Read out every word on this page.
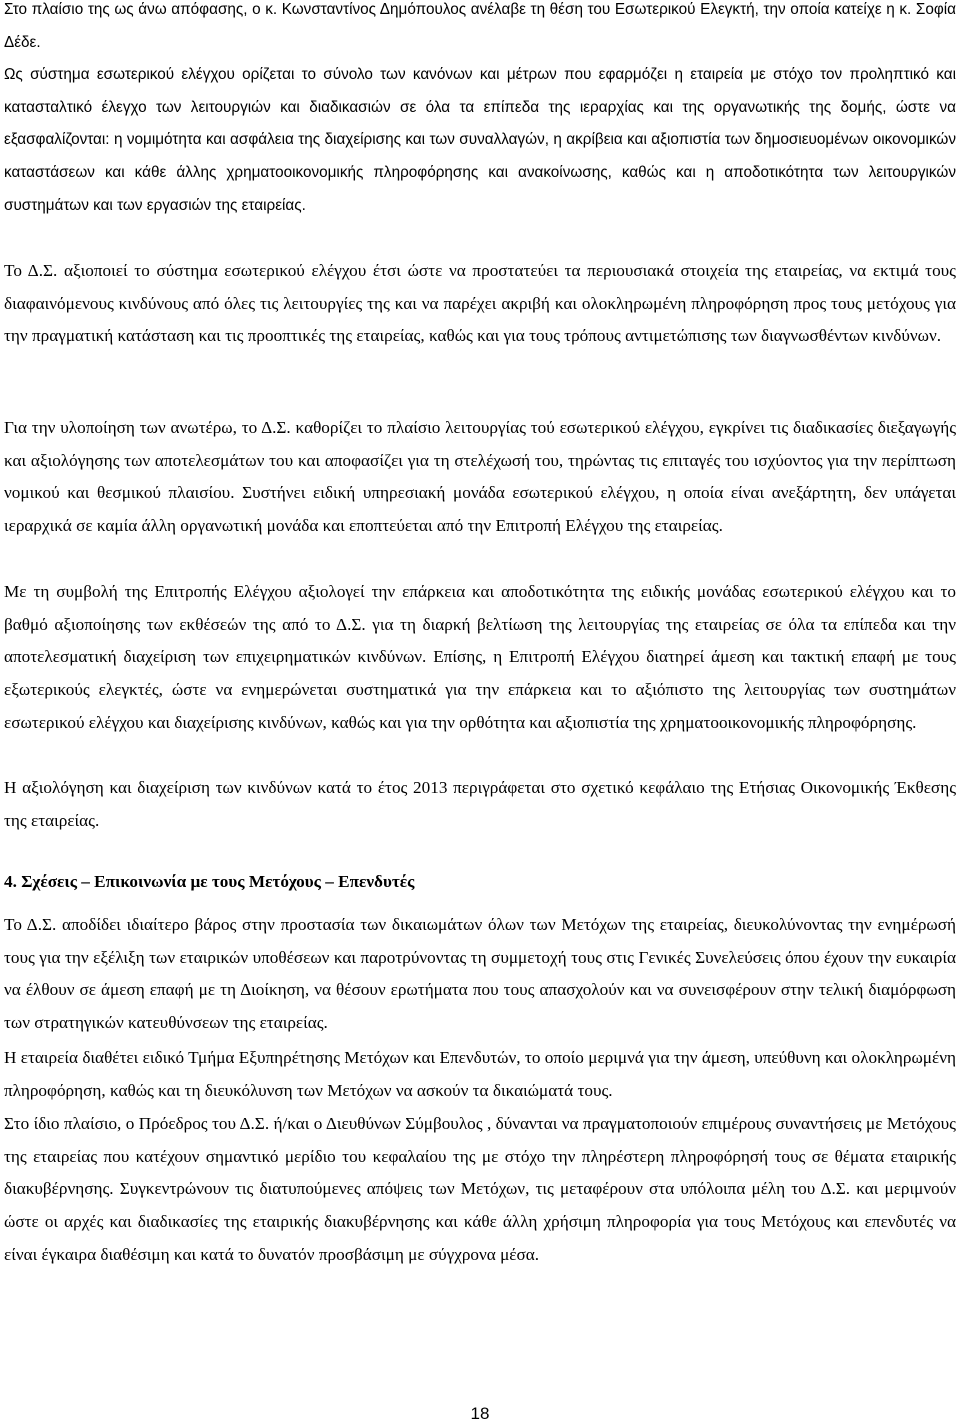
Στο πλαίσιο της ως άνω απόφασης, ο κ. Κωνσταντίνος Δημόπουλος ανέλαβε τη θέση του Εσωτερικού Ελεγκτή, την οποία κατείχε η κ. Σοφία Δέδε.

Ως σύστημα εσωτερικού ελέγχου ορίζεται το σύνολο των κανόνων και μέτρων που εφαρμόζει η εταιρεία με στόχο τον προληπτικό και κατασταλτικό έλεγχο των λειτουργιών και διαδικασιών σε όλα τα επίπεδα της ιεραρχίας και της οργανωτικής της δομής, ώστε να εξασφαλίζονται: η νομιμότητα και ασφάλεια της διαχείρισης και των συναλλαγών, η ακρίβεια και αξιοπιστία των δημοσιευομένων οικονομικών καταστάσεων και κάθε άλλης χρηματοοικονομικής πληροφόρησης και ανακοίνωσης, καθώς και η αποδοτικότητα των λειτουργικών συστημάτων και των εργασιών της εταιρείας.

Το Δ.Σ. αξιοποιεί το σύστημα εσωτερικού ελέγχου έτσι ώστε να προστατεύει τα περιουσιακά στοιχεία της εταιρείας, να εκτιμά τους διαφαινόμενους κινδύνους από όλες τις λειτουργίες της και να παρέχει ακριβή και ολοκληρωμένη πληροφόρηση προς τους μετόχους για την πραγματική κατάσταση και τις προοπτικές της εταιρείας, καθώς και για τους τρόπους αντιμετώπισης των διαγνωσθέντων κινδύνων.

Για την υλοποίηση των ανωτέρω, το Δ.Σ. καθορίζει το πλαίσιο λειτουργίας τού εσωτερικού ελέγχου, εγκρίνει τις διαδικασίες διεξαγωγής και αξιολόγησης των αποτελεσμάτων του και αποφασίζει για τη στελέχωσή του, τηρώντας τις επιταγές του ισχύοντος για την περίπτωση νομικού και θεσμικού πλαισίου. Συστήνει ειδική υπηρεσιακή μονάδα εσωτερικού ελέγχου, η οποία είναι ανεξάρτητη, δεν υπάγεται ιεραρχικά σε καμία άλλη οργανωτική μονάδα και εποπτεύεται από την Επιτροπή Ελέγχου της εταιρείας.

Με τη συμβολή της Επιτροπής Ελέγχου αξιολογεί την επάρκεια και αποδοτικότητα της ειδικής μονάδας εσωτερικού ελέγχου και το βαθμό αξιοποίησης των εκθέσεών της από το Δ.Σ. για τη διαρκή βελτίωση της λειτουργίας της εταιρείας σε όλα τα επίπεδα και την αποτελεσματική διαχείριση των επιχειρηματικών κινδύνων. Επίσης, η Επιτροπή Ελέγχου διατηρεί άμεση και τακτική επαφή με τους εξωτερικούς ελεγκτές, ώστε να ενημερώνεται συστηματικά για την επάρκεια και το αξιόπιστο της λειτουργίας των συστημάτων εσωτερικού ελέγχου και διαχείρισης κινδύνων, καθώς και για την ορθότητα και αξιοπιστία της χρηματοοικονομικής πληροφόρησης.

Η αξιολόγηση και διαχείριση των κινδύνων κατά το έτος 2013 περιγράφεται στο σχετικό κεφάλαιο της Ετήσιας Οικονομικής Έκθεσης της εταιρείας.

4. Σχέσεις – Επικοινωνία με τους Μετόχους – Επενδυτές

Το Δ.Σ. αποδίδει ιδιαίτερο βάρος στην προστασία των δικαιωμάτων όλων των Μετόχων της εταιρείας, διευκολύνοντας την ενημέρωσή τους για την εξέλιξη των εταιρικών υποθέσεων και παροτρύνοντας τη συμμετοχή τους στις Γενικές Συνελεύσεις όπου έχουν την ευκαιρία να έλθουν σε άμεση επαφή με τη Διοίκηση, να θέσουν ερωτήματα που τους απασχολούν και να συνεισφέρουν στην τελική διαμόρφωση των στρατηγικών κατευθύνσεων της εταιρείας.

Η εταιρεία διαθέτει ειδικό Τμήμα Εξυπηρέτησης Μετόχων και Επενδυτών, το οποίο μεριμνά για την άμεση, υπεύθυνη και ολοκληρωμένη πληροφόρηση, καθώς και τη διευκόλυνση των Μετόχων να ασκούν τα δικαιώματά τους.

Στο ίδιο πλαίσιο, ο Πρόεδρος του Δ.Σ. ή/και ο Διευθύνων Σύμβουλος , δύνανται να πραγματοποιούν επιμέρους συναντήσεις με Μετόχους της εταιρείας που κατέχουν σημαντικό μερίδιο του κεφαλαίου της με στόχο την πληρέστερη πληροφόρησή τους σε θέματα εταιρικής διακυβέρνησης. Συγκεντρώνουν τις διατυπούμενες απόψεις των Μετόχων, τις μεταφέρουν στα υπόλοιπα μέλη του Δ.Σ. και μεριμνούν ώστε οι αρχές και διαδικασίες της εταιρικής διακυβέρνησης και κάθε άλλη χρήσιμη πληροφορία για τους Μετόχους και επενδυτές να είναι έγκαιρα διαθέσιμη και κατά το δυνατόν προσβάσιμη με σύγχρονα μέσα.

18
